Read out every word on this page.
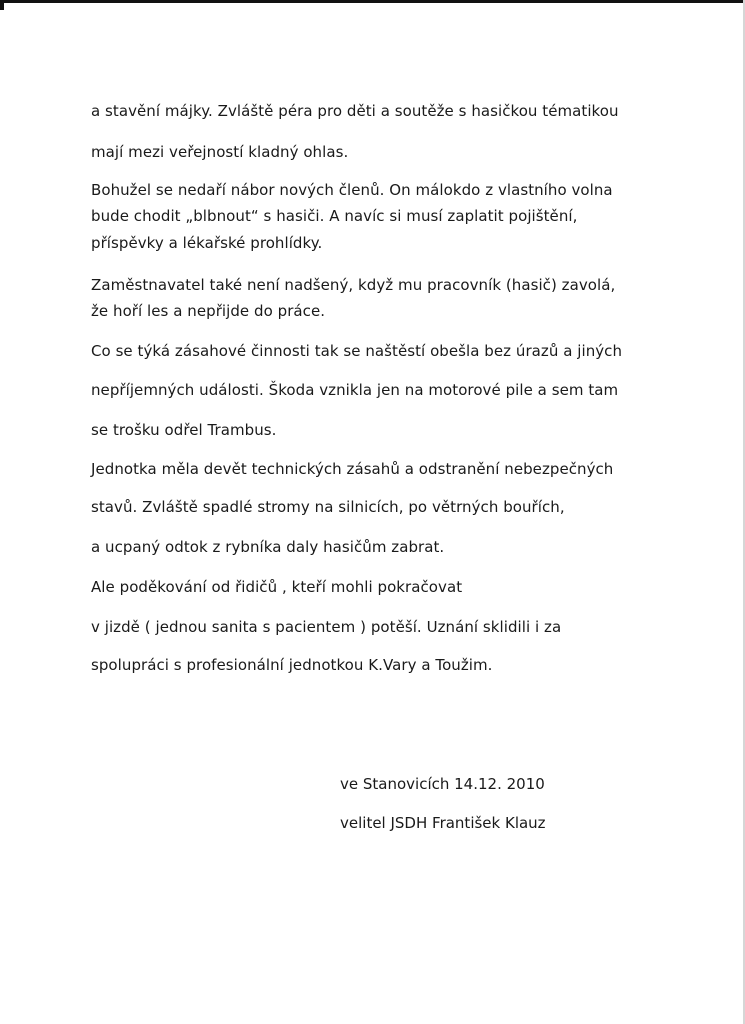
a stavění májky. Zvláště péra pro děti a soutěže s hasičkou tématikou
mají mezi veřejností kladný ohlas.
Bohužel se nedaří nábor nových členů. On málokdo z vlastního volna
bude chodit „blbnout“ s hasiči. A navíc si musí zaplatit pojištění,
příspěvky a lékařské prohlídky.
Zaměstnavatel také není nadšený, když mu pracovník (hasič) zavolá,
že hoří les a nepřijde do práce.
Co se týká zásahové činnosti tak se naštěstí obešla bez úrazů a jiných
nepříjemných události. Škoda vznikla jen na motorové pile a sem tam
se trošku odřel Trambus.
Jednotka měla devět technických zásahů a odstranění nebezpečných
stavů. Zvláště spadlé stromy na silnicích, po větrných bouřích,
a ucpaný odtok z rybníka daly hasičům zabrat.
Ale poděkování od řidičů , kteří mohli pokračovat
v jizdě ( jednou sanita s pacientem ) potěší. Uznání sklidili i za
spolupráci s profesionální jednotkou K.Vary a Toužim.
ve Stanovicích 14.12. 2010
velitel JSDH František Klauz
